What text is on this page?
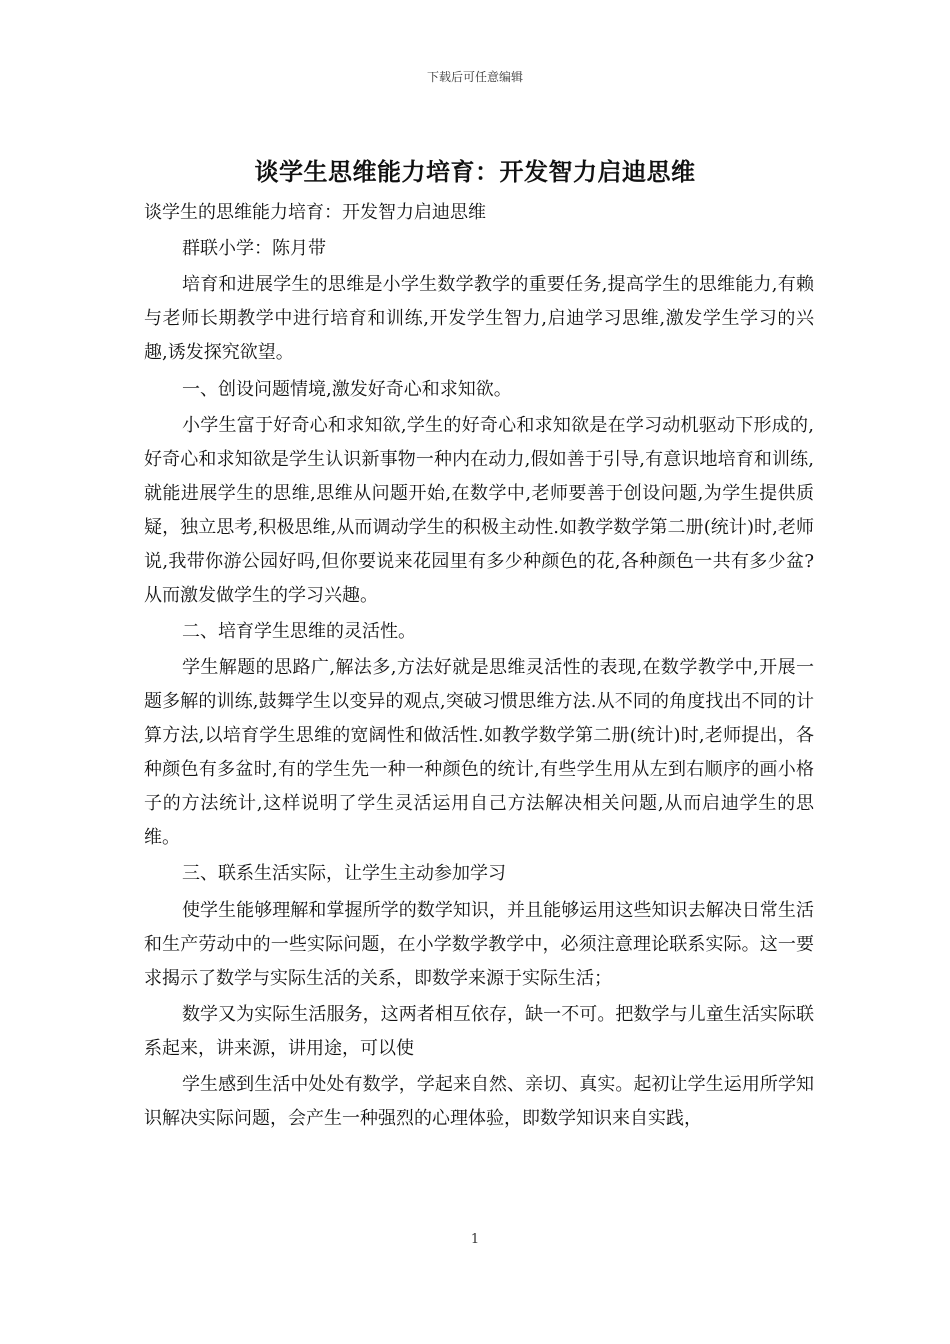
下载后可任意编辑
谈学生思维能力培育：开发智力启迪思维

谈学生的思维能力培育：开发智力启迪思维

群联小学：陈月带

培育和进展学生的思维是小学生数学教学的重要任务,提高学生的思维能力,有赖与老师长期教学中进行培育和训练,开发学生智力,启迪学习思维,激发学生学习的兴趣,诱发探究欲望。

一、创设问题情境,激发好奇心和求知欲。

小学生富于好奇心和求知欲,学生的好奇心和求知欲是在学习动机驱动下形成的,好奇心和求知欲是学生认识新事物一种内在动力,假如善于引导,有意识地培育和训练,就能进展学生的思维,思维从问题开始,在数学中,老师要善于创设问题,为学生提供质疑，独立思考,积极思维,从而调动学生的积极主动性.如教学数学第二册(统计)时,老师说,我带你游公园好吗,但你要说来花园里有多少种颜色的花,各种颜色一共有多少盆?从而激发做学生的学习兴趣。

二、培育学生思维的灵活性。

学生解题的思路广,解法多,方法好就是思维灵活性的表现,在数学教学中,开展一题多解的训练,鼓舞学生以变异的观点,突破习惯思维方法.从不同的角度找出不同的计算方法,以培育学生思维的宽阔性和做活性.如教学数学第二册(统计)时,老师提出，各种颜色有多盆时,有的学生先一种一种颜色的统计,有些学生用从左到右顺序的画小格子的方法统计,这样说明了学生灵活运用自己方法解决相关问题,从而启迪学生的思维。

三、联系生活实际，让学生主动参加学习

使学生能够理解和掌握所学的数学知识，并且能够运用这些知识去解决日常生活和生产劳动中的一些实际问题，在小学数学教学中，必须注意理论联系实际。这一要求揭示了数学与实际生活的关系，即数学来源于实际生活；

数学又为实际生活服务，这两者相互依存，缺一不可。把数学与儿童生活实际联系起来，讲来源，讲用途，可以使

学生感到生活中处处有数学，学起来自然、亲切、真实。起初让学生运用所学知识解决实际问题，会产生一种强烈的心理体验，即数学知识来自实践，

1
